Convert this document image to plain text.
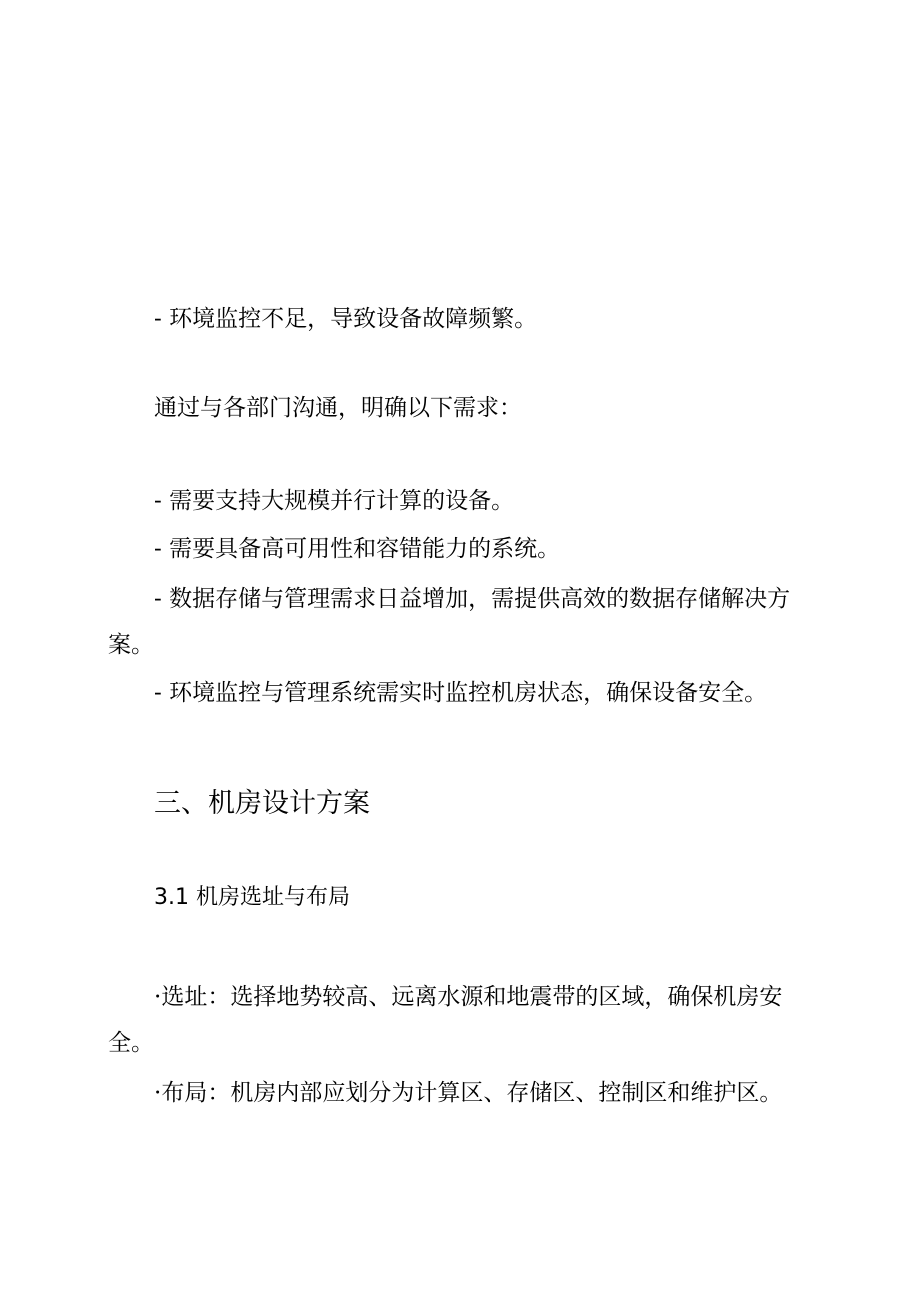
- 环境监控不足，导致设备故障频繁。
通过与各部门沟通，明确以下需求：
- 需要支持大规模并行计算的设备。
- 需要具备高可用性和容错能力的系统。
- 数据存储与管理需求日益增加，需提供高效的数据存储解决方案。
- 环境监控与管理系统需实时监控机房状态，确保设备安全。
三、机房设计方案
3.1 机房选址与布局
·选址：选择地势较高、远离水源和地震带的区域，确保机房安全。
·布局：机房内部应划分为计算区、存储区、控制区和维护区。
